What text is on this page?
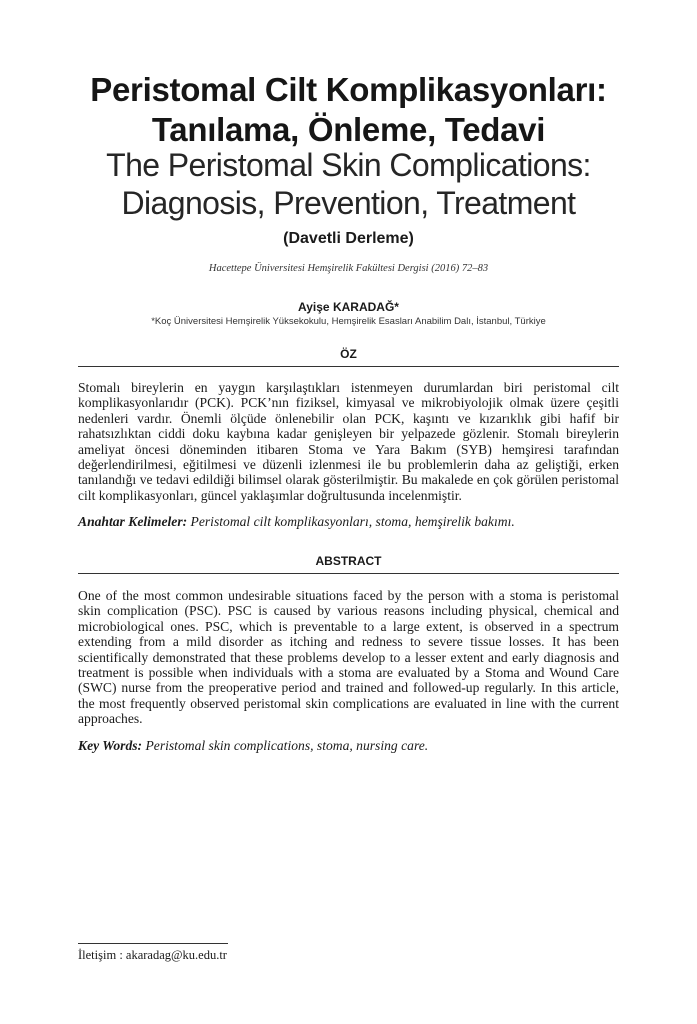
Peristomal Cilt Komplikasyonları:
Tanılama, Önleme, Tedavi
The Peristomal Skin Complications:
Diagnosis, Prevention, Treatment
(Davetli Derleme)
Hacettepe Üniversitesi Hemşirelik Fakültesi Dergisi (2016) 72–83
Ayişe KARADAĞ*
*Koç Üniversitesi Hemşirelik Yüksekokulu, Hemşirelik Esasları Anabilim Dalı, İstanbul, Türkiye
ÖZ

Stomalı bireylerin en yaygın karşılaştıkları istenmeyen durumlardan biri peristomal cilt komplikasyonlarıdır (PCK). PCK’nın fiziksel, kimyasal ve mikrobiyolojik olmak üzere çeşitli nedenleri vardır. Önemli ölçüde önlenebilir olan PCK, kaşıntı ve kızarıklık gibi hafif bir rahatsızlıktan ciddi doku kaybına kadar genişleyen bir yelpazede gözlenir. Stomalı bireylerin ameliyat öncesi döneminden itibaren Stoma ve Yara Bakım (SYB) hemşiresi tarafından değerlendirilmesi, eğitilmesi ve düzenli izlenmesi ile bu problemlerin daha az geliştiği, erken tanılandığı ve tedavi edildiği bilimsel olarak gösterilmiştir. Bu makalede en çok görülen peristomal cilt komplikasyonları, güncel yaklaşımlar doğrultusunda incelenmiştir.

Anahtar Kelimeler: Peristomal cilt komplikasyonları, stoma, hemşirelik bakımı.

ABSTRACT

One of the most common undesirable situations faced by the person with a stoma is peristomal skin complication (PSC). PSC is caused by various reasons including physical, chemical and microbiological ones. PSC, which is preventable to a large extent, is observed in a spectrum extending from a mild disorder as itching and redness to severe tissue losses. It has been scientifically demonstrated that these problems develop to a lesser extent and early diagnosis and treatment is possible when individuals with a stoma are evaluated by a Stoma and Wound Care (SWC) nurse from the preoperative period and trained and followed-up regularly. In this article, the most frequently observed peristomal skin complications are evaluated in line with the current approaches.

Key Words: Peristomal skin complications, stoma, nursing care.

İletişim : akaradag@ku.edu.tr
